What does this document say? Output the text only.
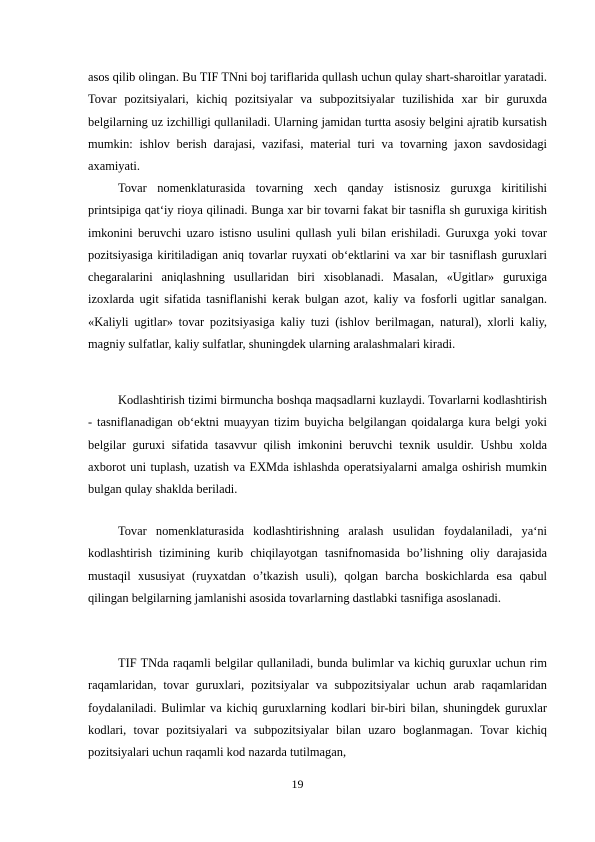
asos qilib olingan. Bu TIF TNni boj tariflarida qullash uchun qulay shart-sharoitlar yaratadi. Tovar pozitsiyalari, kichiq pozitsiyalar va subpozitsiyalar tuzilishida xar bir guruxda belgilarning uz izchilligi qullaniladi. Ularning jamidan turtta asosiy belgini ajratib kursatish mumkin: ishlov berish darajasi, vazifasi, material turi va tovarning jaxon savdosidagi axamiyati.

Tovar nomenklaturasida tovarning xech qanday istisnosiz guruxga kiritilishi printsipiga qat‘iy rioya qilinadi. Bunga xar bir tovarni fakat bir tasnifla sh guruxiga kiritish imkonini beruvchi uzaro istisno usulini qullash yuli bilan erishiladi. Guruxga yoki tovar pozitsiyasiga kiritiladigan aniq tovarlar ruyxati ob‘ektlarini va xar bir tasniflash guruxlari chegaralarini aniqlashning usullaridan biri xisoblanadi. Masalan, «Ugitlar» guruxiga izoxlarda ugit sifatida tasniflanishi kerak bulgan azot, kaliy va fosforli ugitlar sanalgan. «Kaliyli ugitlar» tovar pozitsiyasiga kaliy tuzi (ishlov berilmagan, natural), xlorli kaliy, magniy sulfatlar, kaliy sulfatlar, shuningdek ularning aralashmalari kiradi.

Kodlashtirish tizimi birmuncha boshqa maqsadlarni kuzlaydi. Tovarlarni kodlashtirish - tasniflanadigan ob‘ektni muayyan tizim buyicha belgilangan qoidalarga kura belgi yoki belgilar guruxi sifatida tasavvur qilish imkonini beruvchi texnik usuldir. Ushbu xolda axborot uni tuplash, uzatish va EXMda ishlashda operatsiyalarni amalga oshirish mumkin bulgan qulay shaklda beriladi.

Tovar nomenklaturasida kodlashtirishning aralash usulidan foydalaniladi, ya‘ni kodlashtirish tizimining kurib chiqilayotgan tasnifnomasida bo’lishning oliy darajasida mustaqil xususiyat (ruyxatdan o’tkazish usuli), qolgan barcha boskichlarda esa qabul qilingan belgilarning jamlanishi asosida tovarlarning dastlabki tasnifiga asoslanadi.

TIF TNda raqamli belgilar qullaniladi, bunda bulimlar va kichiq guruxlar uchun rim raqamlaridan, tovar guruxlari, pozitsiyalar va subpozitsiyalar uchun arab raqamlaridan foydalaniladi. Bulimlar va kichiq guruxlarning kodlari bir-biri bilan, shuningdek guruxlar kodlari, tovar pozitsiyalari va subpozitsiyalar bilan uzaro boglanmagan. Tovar kichiq pozitsiyalari uchun raqamli kod nazarda tutilmagan,

19
